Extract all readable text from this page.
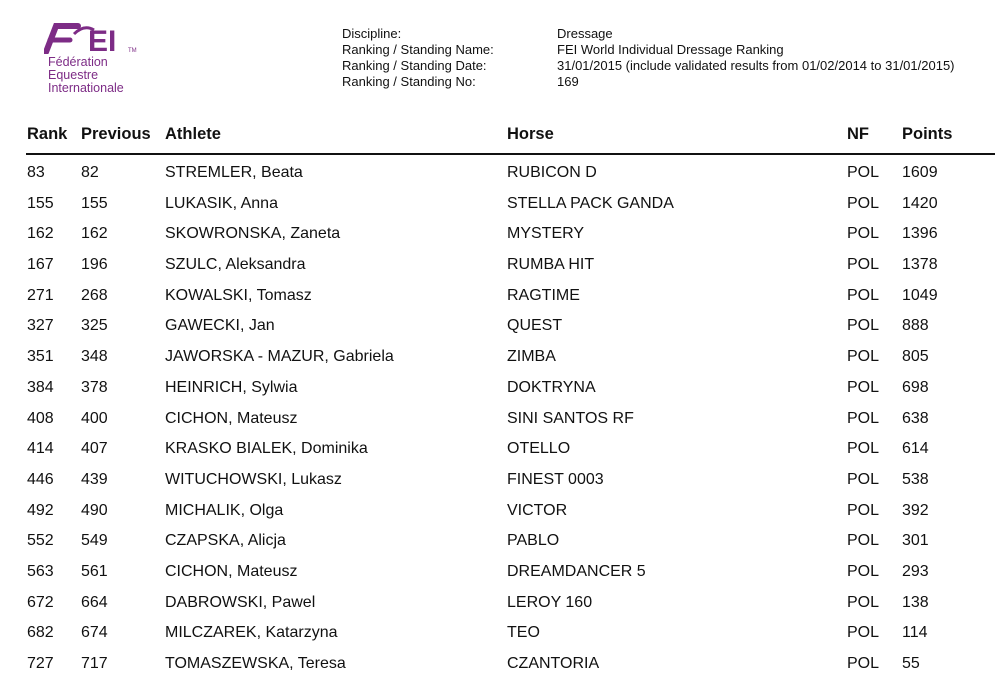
EI TM
Fédération
Equestre
Internationale
Discipline:	Dressage
Ranking / Standing Name:	FEI World Individual Dressage Ranking
Ranking / Standing Date:	31/01/2015 (include validated results from 01/02/2014 to 31/01/2015)
Ranking / Standing No:	169
Rank Previous Athlete	Horse	NF Points
83 82	STREMLER, Beata	RUBICON D	POL 1609
155 155	LUKASIK, Anna	STELLA PACK GANDA	POL 1420
162 162	SKOWRONSKA, Zaneta	MYSTERY	POL 1396
167 196	SZULC, Aleksandra	RUMBA HIT	POL 1378
271 268	KOWALSKI, Tomasz	RAGTIME	POL 1049
327 325	GAWECKI, Jan	QUEST	POL 888
351 348	JAWORSKA - MAZUR, Gabriela	ZIMBA	POL 805
384 378	HEINRICH, Sylwia	DOKTRYNA	POL 698
408 400	CICHON, Mateusz	SINI SANTOS RF	POL 638
414 407	KRASKO BIALEK, Dominika	OTELLO	POL 614
446 439	WITUCHOWSKI, Lukasz	FINEST 0003	POL 538
492 490	MICHALIK, Olga	VICTOR	POL 392
552 549	CZAPSKA, Alicja	PABLO	POL 301
563 561	CICHON, Mateusz	DREAMDANCER 5	POL 293
672 664	DABROWSKI, Pawel	LEROY 160	POL 138
682 674	MILCZAREK, Katarzyna	TEO	POL 114
727 717	TOMASZEWSKA, Teresa	CZANTORIA	POL 55
